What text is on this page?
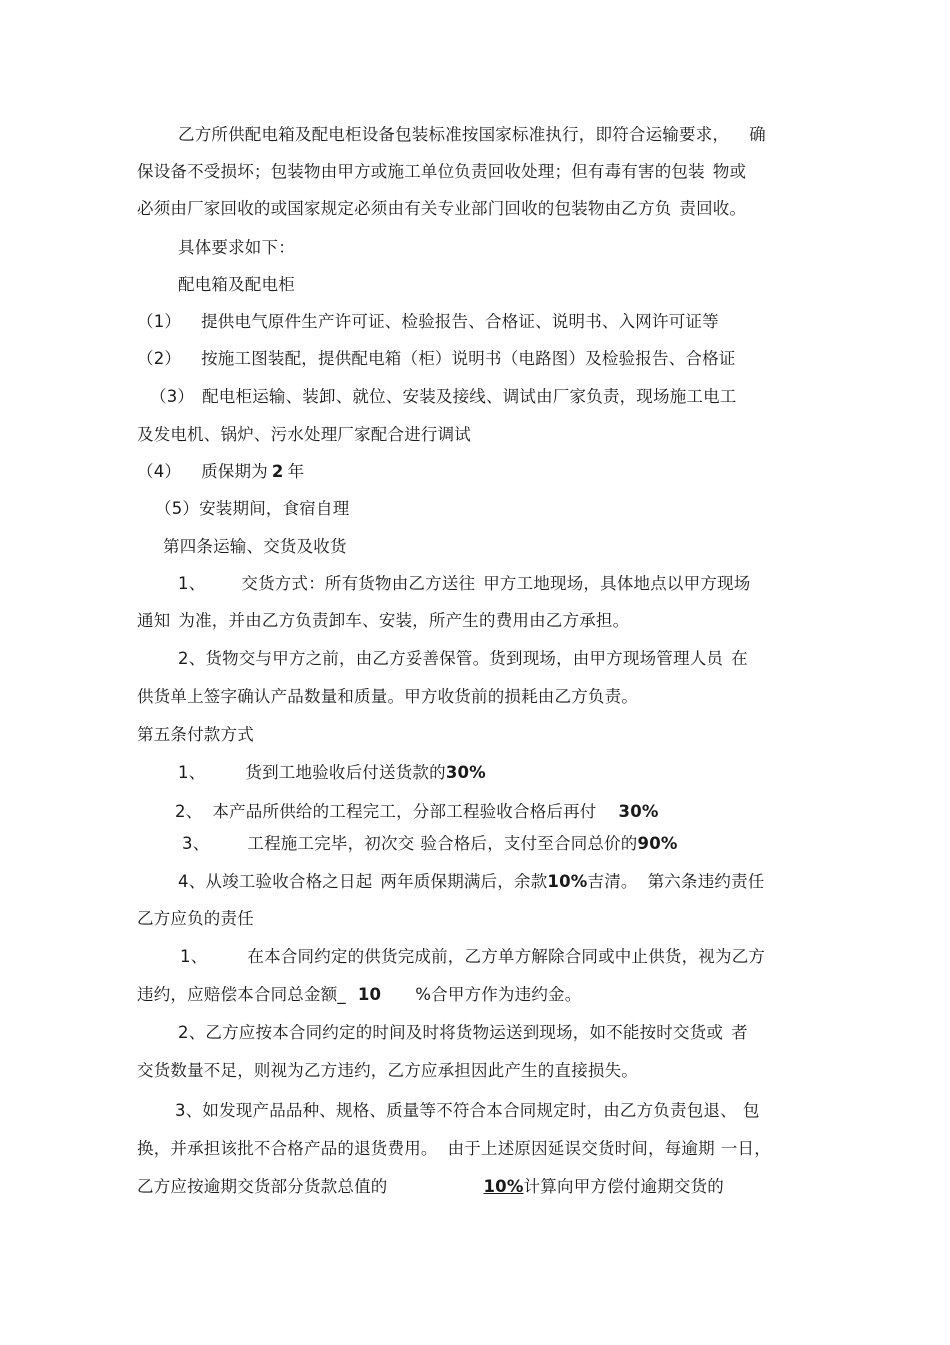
乙方所供配电箱及配电柜设备包装标准按国家标准执行，即符合运输要求， 确
保设备不受损坏；包装物由甲方或施工单位负责回收处理；但有毒有害的包装 物或
必须由厂家回收的或国家规定必须由有关专业部门回收的包装物由乙方负 责回收。
具体要求如下：
配电箱及配电柜
（1） 提供电气原件生产许可证、检验报告、合格证、说明书、入网许可证等
（2） 按施工图装配，提供配电箱（柜）说明书（电路图）及检验报告、合格证
（3） 配电柜运输、装卸、就位、安装及接线、调试由厂家负责，现场施工电工
及发电机、锅炉、污水处理厂家配合进行调试
（4） 质保期为 2 年
（5）安装期间，食宿自理
第四条运输、交货及收货
1、 交货方式：所有货物由乙方送往 甲方工地现场，具体地点以甲方现场
通知 为准，并由乙方负责卸车、安装，所产生的费用由乙方承担。
2、货物交与甲方之前，由乙方妥善保管。货到现场，由甲方现场管理人员 在
供货单上签字确认产品数量和质量。甲方收货前的损耗由乙方负责。
第五条付款方式
1、 货到工地验收后付送货款的30%
2、 本产品所供给的工程完工，分部工程验收合格后再付 30%
3、 工程施工完毕，初次交 验合格后，支付至合同总价的90%
4、从竣工验收合格之日起 两年质保期满后，余款10%吉清。 第六条违约责任
乙方应负的责任
1、 在本合同约定的供货完成前，乙方单方解除合同或中止供货，视为乙方
违约，应赔偿本合同总金额_ 10 %合甲方作为违约金。
2、乙方应按本合同约定的时间及时将货物运送到现场，如不能按时交货或 者
交货数量不足，则视为乙方违约，乙方应承担因此产生的直接损失。
3、如发现产品品种、规格、质量等不符合本合同规定时，由乙方负责包退、 包
换，并承担该批不合格产品的退货费用。 由于上述原因延误交货时间，每逾期 一日，
乙方应按逾期交货部分货款总值的	10%计算向甲方偿付逾期交货的
